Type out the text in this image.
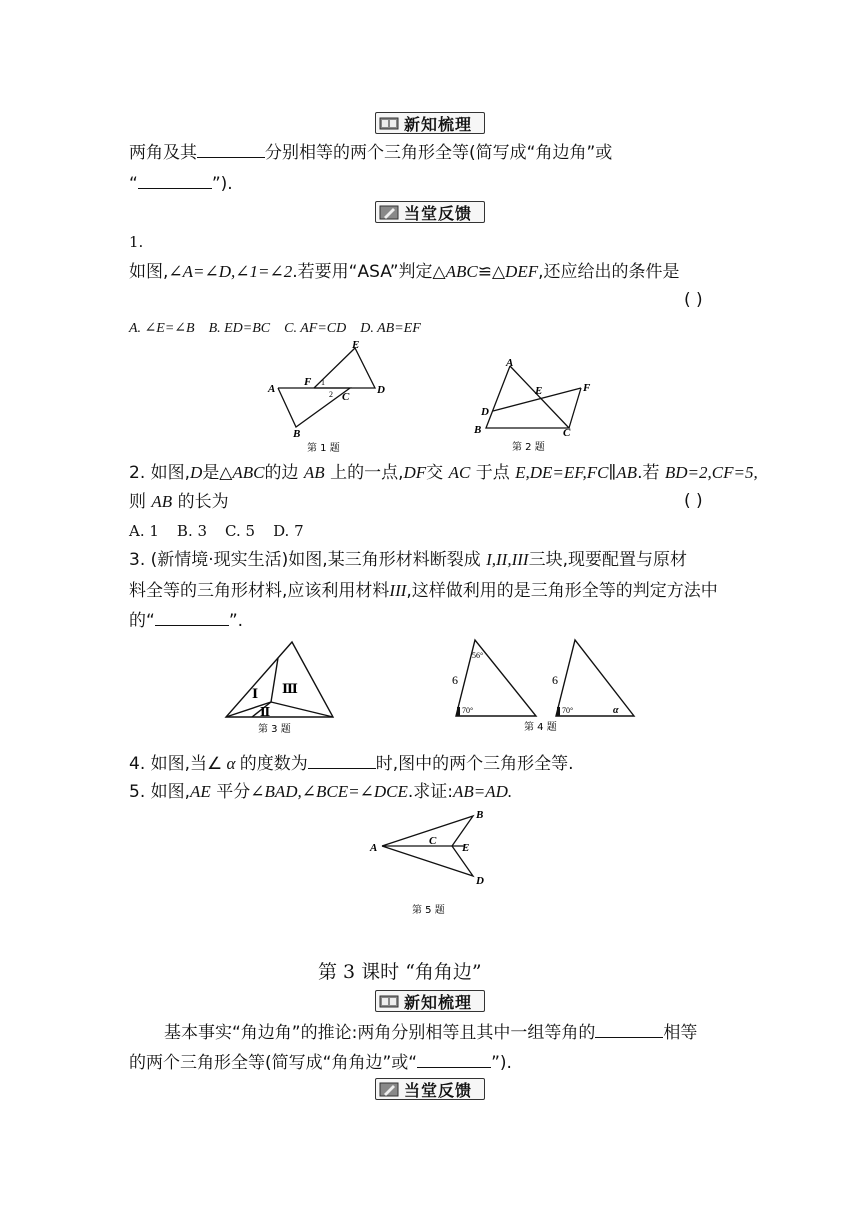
新知梳理
两角及其	分别相等的两个三角形全等(简写成“角边角”或
“	”).
当堂反馈
1.
如图,∠A=∠D,∠1=∠2.若要用“ASA”判定△ABC≌△DEF,还应给出的条件是
( )
A. ∠E=∠B B. ED=BC C. AF=CD D. AB=EF
E
A
F 1
2 C
D
B
第 1 题
A
E	F
D
B	C
第 2 题
2. 如图,D是△ABC的边 AB 上的一点,DF交 AC 于点 E,DE=EF,FC∥AB.若 BD=2,CF=5,
则 AB 的长为	( )
A. 1 B. 3 C. 5 D. 7
3. (新情境·现实生活)如图,某三角形材料断裂成 I,II,III三块,现要配置与原材
料全等的三角形材料,应该利用材料III,这样做利用的是三角形全等的判定方法中
的“	”.
Ⅰ
Ⅱ
Ⅲ
第 3 题
56°
6
70°
6
70°	α
第 4 题
4. 如图,当∠ α 的度数为	时,图中的两个三角形全等.
5. 如图,AE 平分∠BAD,∠BCE=∠DCE.求证:AB=AD.
A
B
C
E
D
第 5 题
第 3 课时 “角角边”
新知梳理
基本事实“角边角”的推论:两角分别相等且其中一组等角的	相等
的两个三角形全等(简写成“角角边”或“	”).
当堂反馈
